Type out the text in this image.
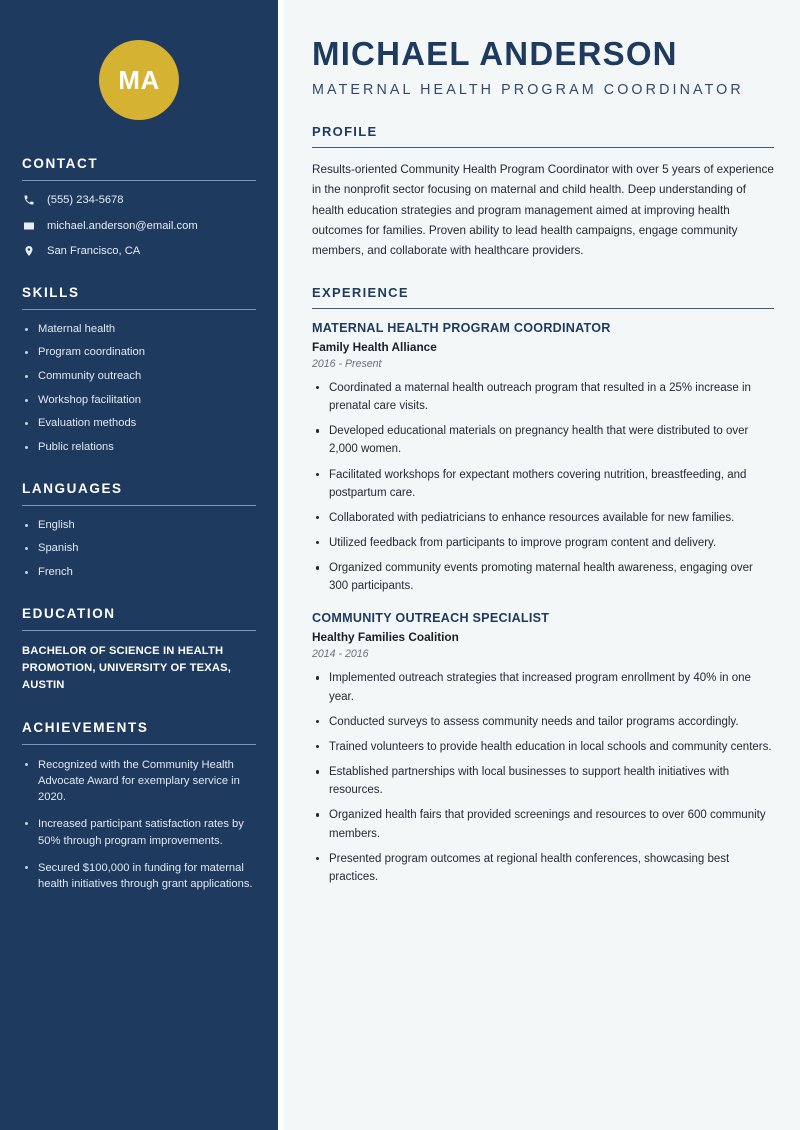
MA
CONTACT
(555) 234-5678
michael.anderson@email.com
San Francisco, CA
SKILLS
Maternal health
Program coordination
Community outreach
Workshop facilitation
Evaluation methods
Public relations
LANGUAGES
English
Spanish
French
EDUCATION
BACHELOR OF SCIENCE IN HEALTH PROMOTION, UNIVERSITY OF TEXAS, AUSTIN
ACHIEVEMENTS
Recognized with the Community Health Advocate Award for exemplary service in 2020.
Increased participant satisfaction rates by 50% through program improvements.
Secured $100,000 in funding for maternal health initiatives through grant applications.
MICHAEL ANDERSON
MATERNAL HEALTH PROGRAM COORDINATOR
PROFILE

Results-oriented Community Health Program Coordinator with over 5 years of experience in the nonprofit sector focusing on maternal and child health. Deep understanding of health education strategies and program management aimed at improving health outcomes for families. Proven ability to lead health campaigns, engage community members, and collaborate with healthcare providers.

EXPERIENCE
MATERNAL HEALTH PROGRAM COORDINATOR
Family Health Alliance
2016 - Present
Coordinated a maternal health outreach program that resulted in a 25% increase in prenatal care visits.
Developed educational materials on pregnancy health that were distributed to over 2,000 women.
Facilitated workshops for expectant mothers covering nutrition, breastfeeding, and postpartum care.
Collaborated with pediatricians to enhance resources available for new families.
Utilized feedback from participants to improve program content and delivery.
Organized community events promoting maternal health awareness, engaging over 300 participants.
COMMUNITY OUTREACH SPECIALIST
Healthy Families Coalition
2014 - 2016
Implemented outreach strategies that increased program enrollment by 40% in one year.
Conducted surveys to assess community needs and tailor programs accordingly.
Trained volunteers to provide health education in local schools and community centers.
Established partnerships with local businesses to support health initiatives with resources.
Organized health fairs that provided screenings and resources to over 600 community members.
Presented program outcomes at regional health conferences, showcasing best practices.
